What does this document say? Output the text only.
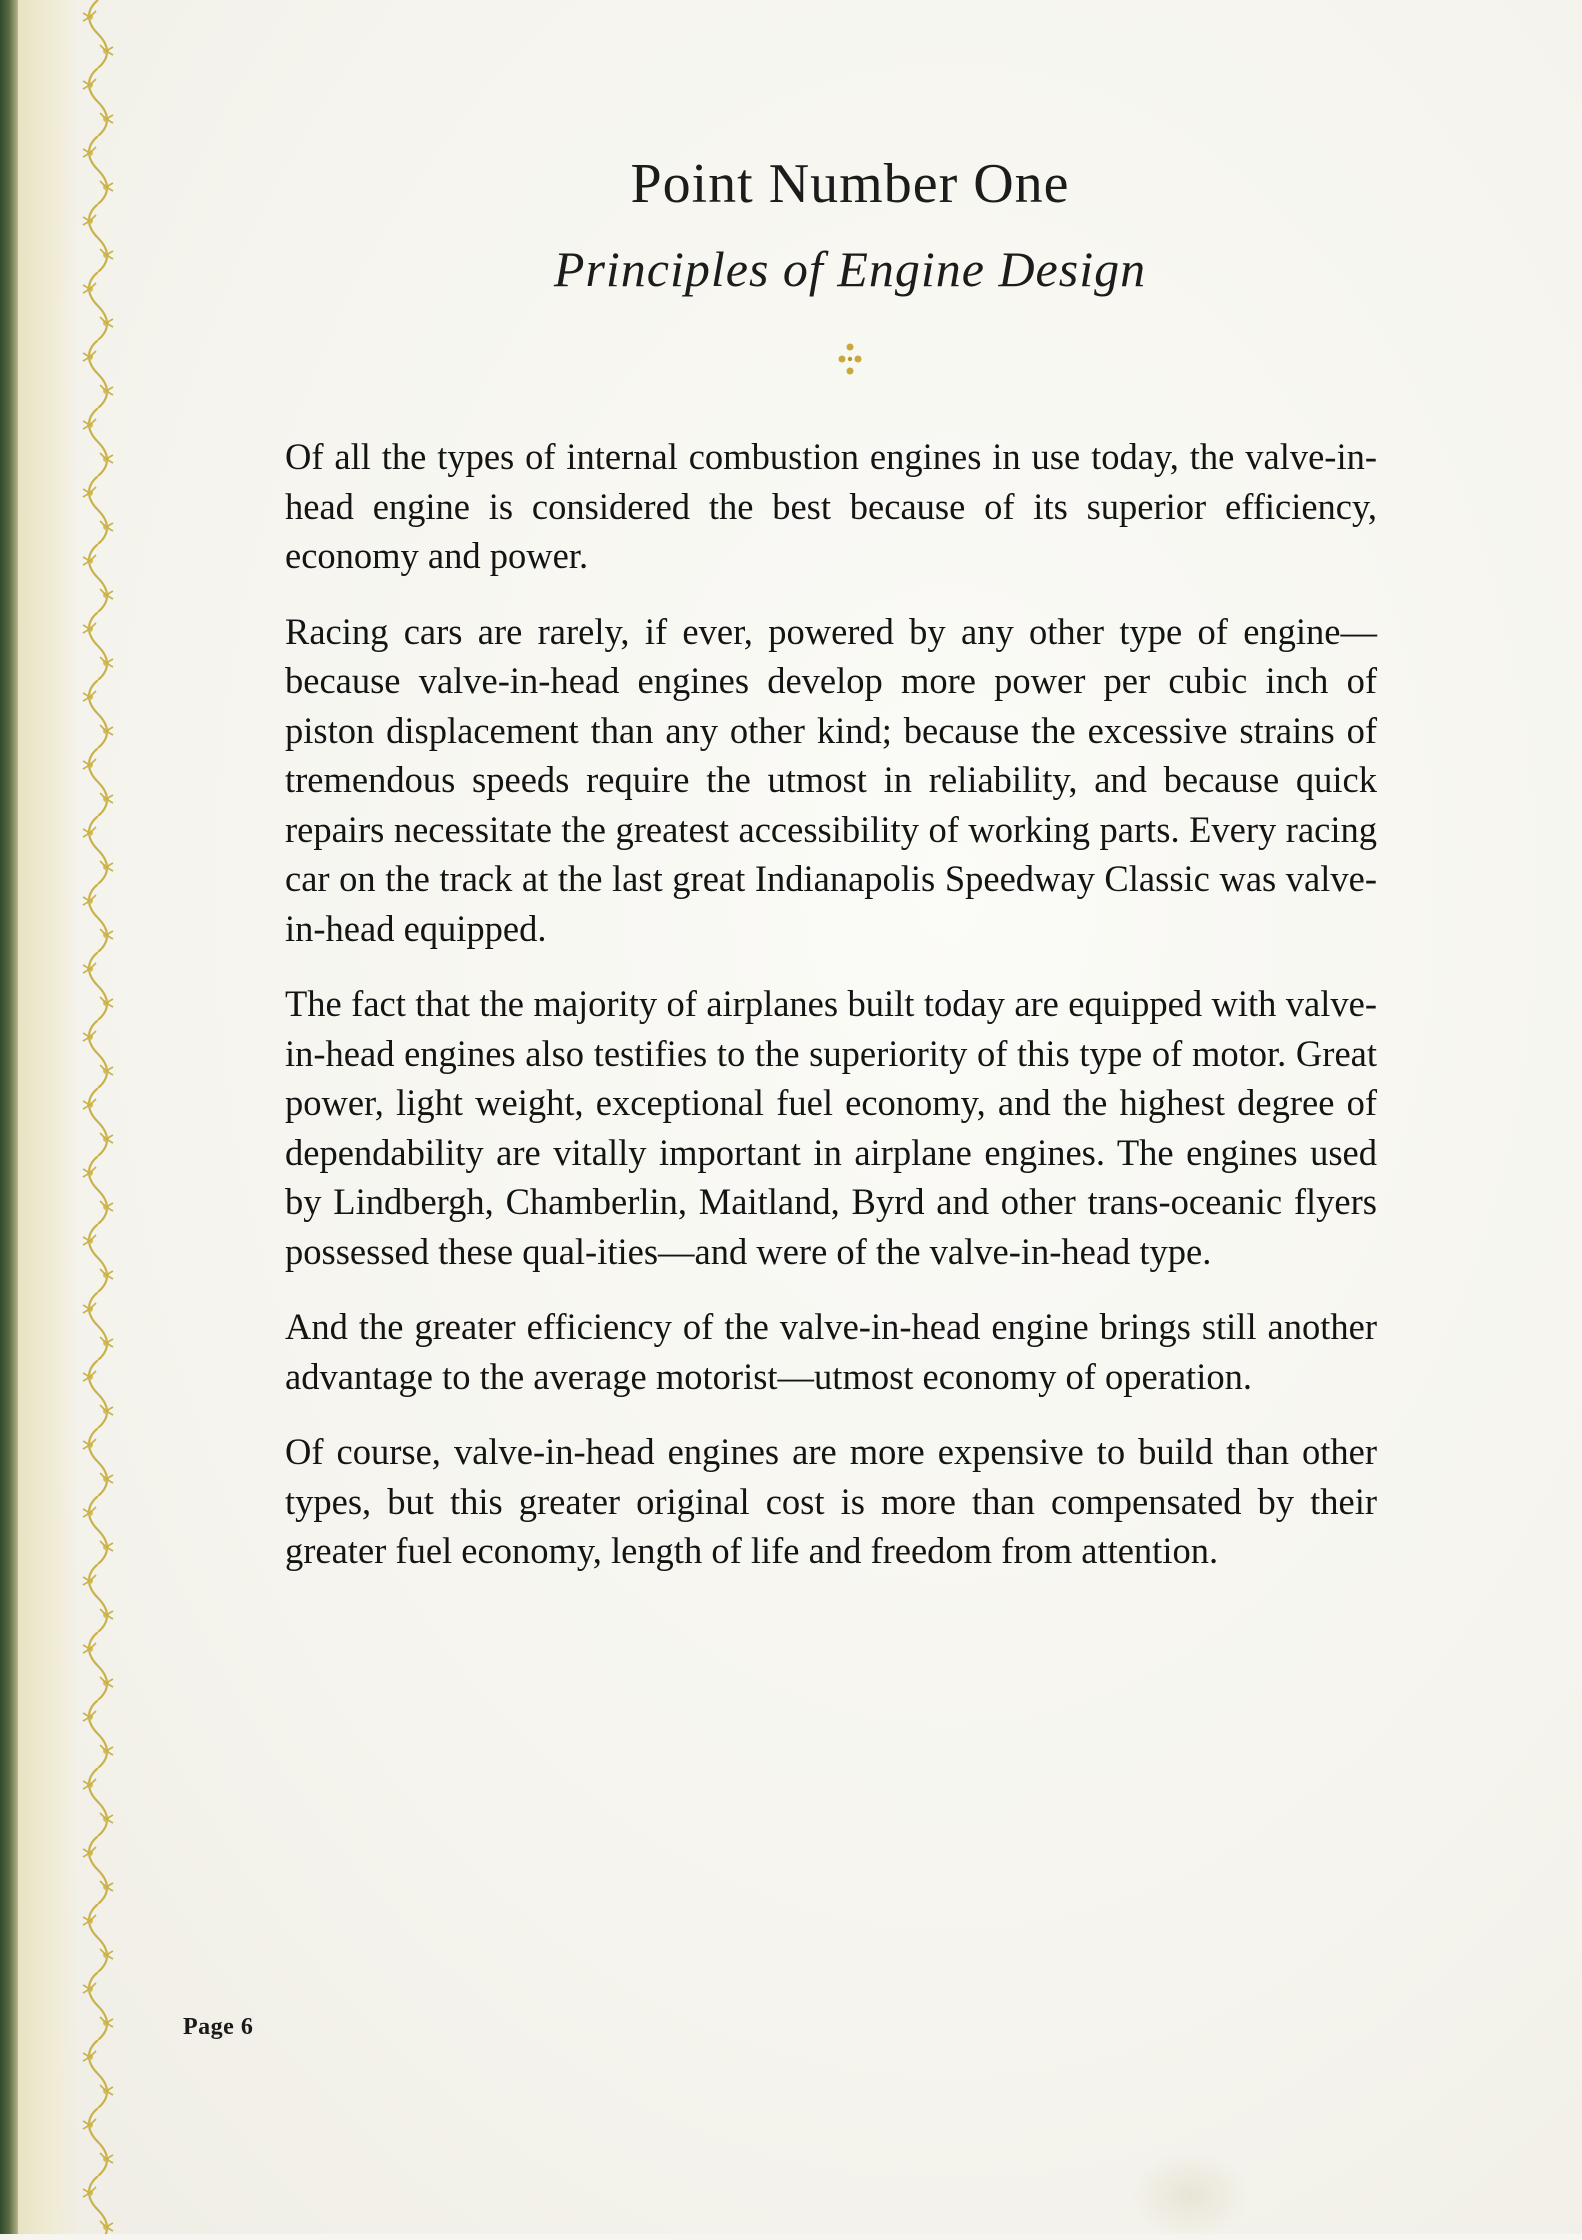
Point Number One
Principles of Engine Design

Of all the types of internal combustion engines in use today, the valve-in-head engine is considered the best because of its superior efficiency, economy and power.

Racing cars are rarely, if ever, powered by any other type of engine—because valve-in-head engines develop more power per cubic inch of piston displacement than any other kind; because the excessive strains of tremendous speeds require the utmost in reliability, and because quick repairs necessitate the greatest accessibility of working parts. Every racing car on the track at the last great Indianapolis Speedway Classic was valve-in-head equipped.

The fact that the majority of airplanes built today are equipped with valve-in-head engines also testifies to the superiority of this type of motor. Great power, light weight, exceptional fuel economy, and the highest degree of dependability are vitally important in airplane engines. The engines used by Lindbergh, Chamberlin, Maitland, Byrd and other trans-oceanic flyers possessed these qual-ities—and were of the valve-in-head type.

And the greater efficiency of the valve-in-head engine brings still another advantage to the average motorist—utmost economy of operation.

Of course, valve-in-head engines are more expensive to build than other types, but this greater original cost is more than compensated by their greater fuel economy, length of life and freedom from attention.

Page 6
